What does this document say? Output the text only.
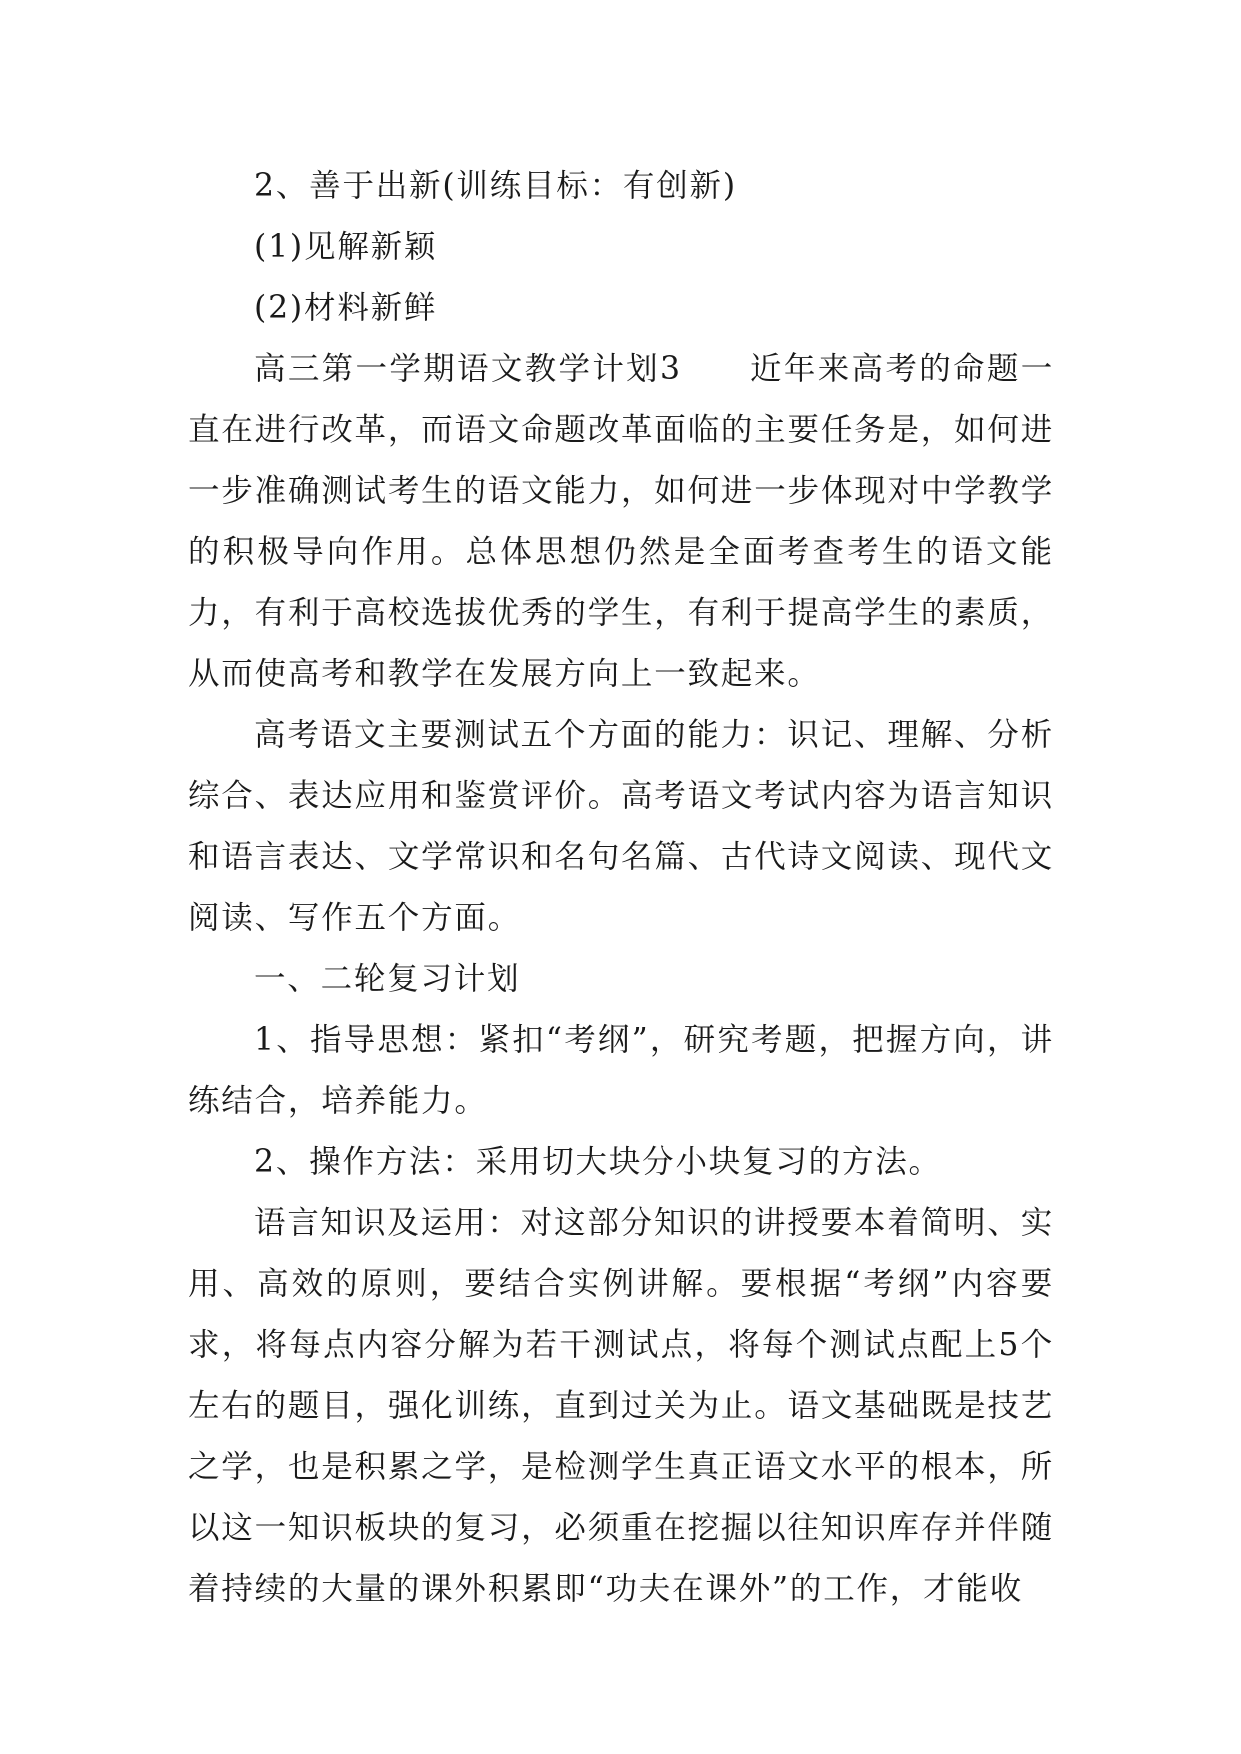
2、善于出新(训练目标：有创新)

(1)见解新颖

(2)材料新鲜

高三第一学期语文教学计划3　　近年来高考的命题一直在进行改革，而语文命题改革面临的主要任务是，如何进一步准确测试考生的语文能力，如何进一步体现对中学教学的积极导向作用。总体思想仍然是全面考查考生的语文能力，有利于高校选拔优秀的学生，有利于提高学生的素质，从而使高考和教学在发展方向上一致起来。

高考语文主要测试五个方面的能力：识记、理解、分析综合、表达应用和鉴赏评价。高考语文考试内容为语言知识和语言表达、文学常识和名句名篇、古代诗文阅读、现代文阅读、写作五个方面。

一、二轮复习计划

1、指导思想：紧扣“考纲”，研究考题，把握方向，讲练结合，培养能力。

2、操作方法：采用切大块分小块复习的方法。

语言知识及运用：对这部分知识的讲授要本着简明、实用、高效的原则，要结合实例讲解。要根据“考纲”内容要求，将每点内容分解为若干测试点，将每个测试点配上5个左右的题目，强化训练，直到过关为止。语文基础既是技艺之学，也是积累之学，是检测学生真正语文水平的根本，所以这一知识板块的复习，必须重在挖掘以往知识库存并伴随着持续的大量的课外积累即“功夫在课外”的工作，才能收
